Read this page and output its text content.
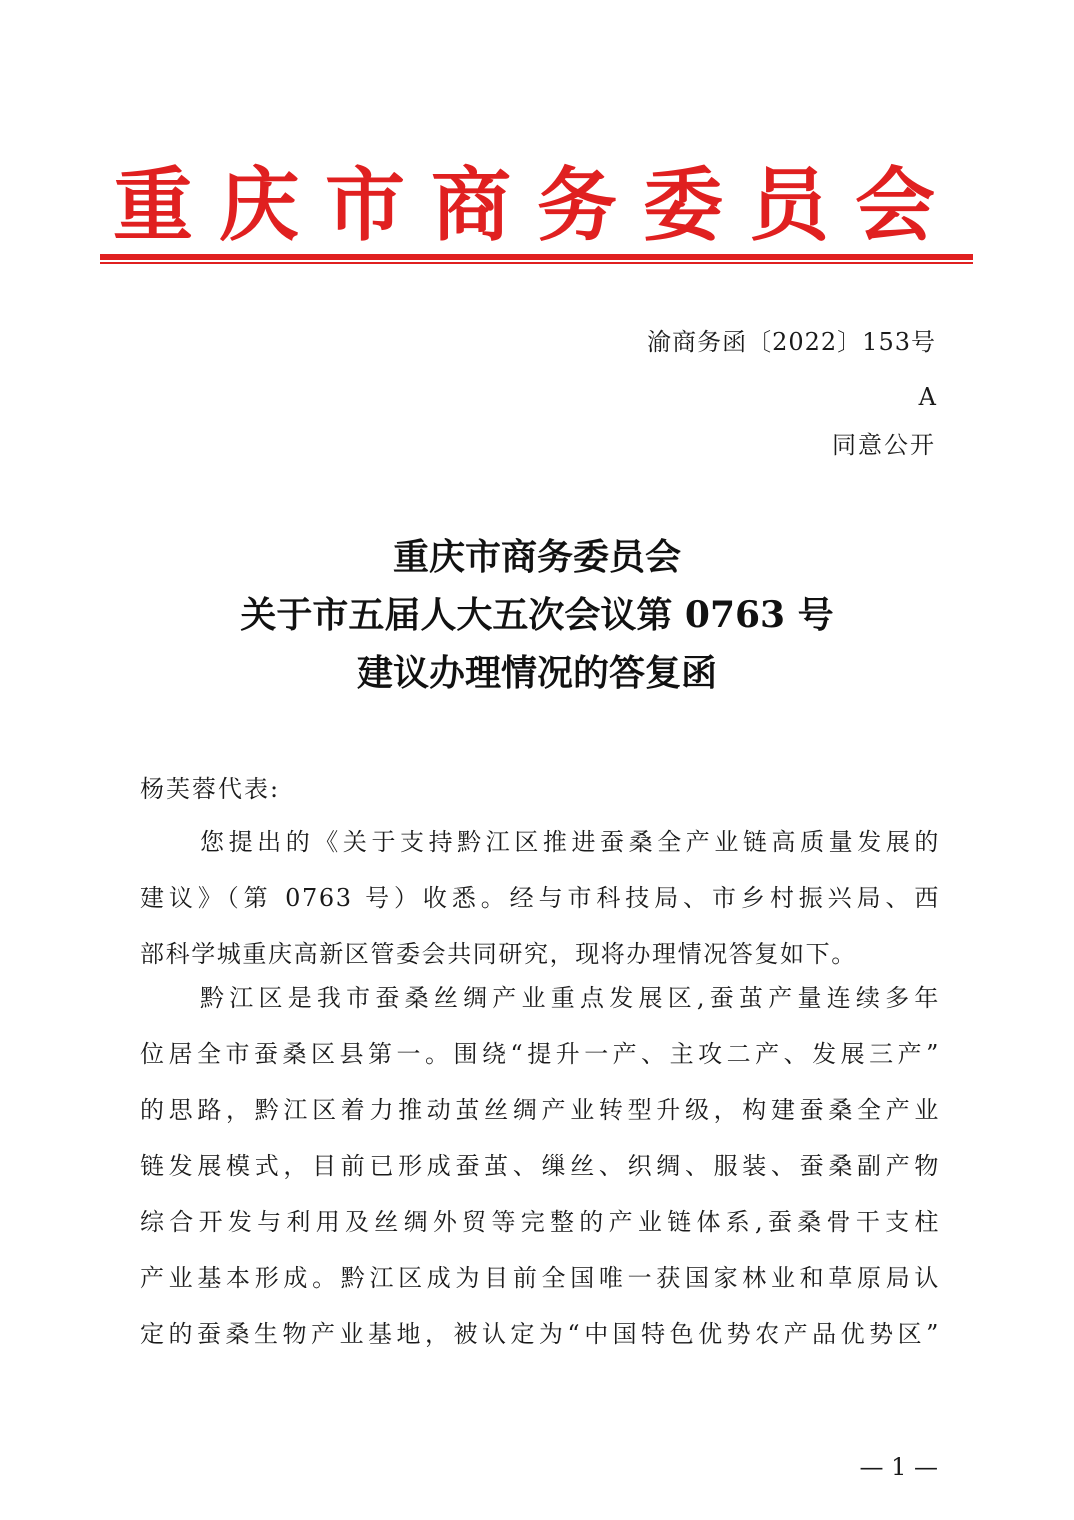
重庆市商务委员会
渝商务函〔2022〕153号
A
同意公开
重庆市商务委员会
关于市五届人大五次会议第 0763 号
建议办理情况的答复函
杨芙蓉代表:
您提出的《关于支持黔江区推进蚕桑全产业链高质量发展的
建议》（第 0763 号）收悉。经与市科技局、市乡村振兴局、西
部科学城重庆高新区管委会共同研究，现将办理情况答复如下。
黔江区是我市蚕桑丝绸产业重点发展区,蚕茧产量连续多年
位居全市蚕桑区县第一。围绕“提升一产、主攻二产、发展三产”
的思路，黔江区着力推动茧丝绸产业转型升级，构建蚕桑全产业
链发展模式，目前已形成蚕茧、缫丝、织绸、服装、蚕桑副产物
综合开发与利用及丝绸外贸等完整的产业链体系,蚕桑骨干支柱
产业基本形成。黔江区成为目前全国唯一获国家林业和草原局认
定的蚕桑生物产业基地，被认定为“中国特色优势农产品优势区”
— 1 —
